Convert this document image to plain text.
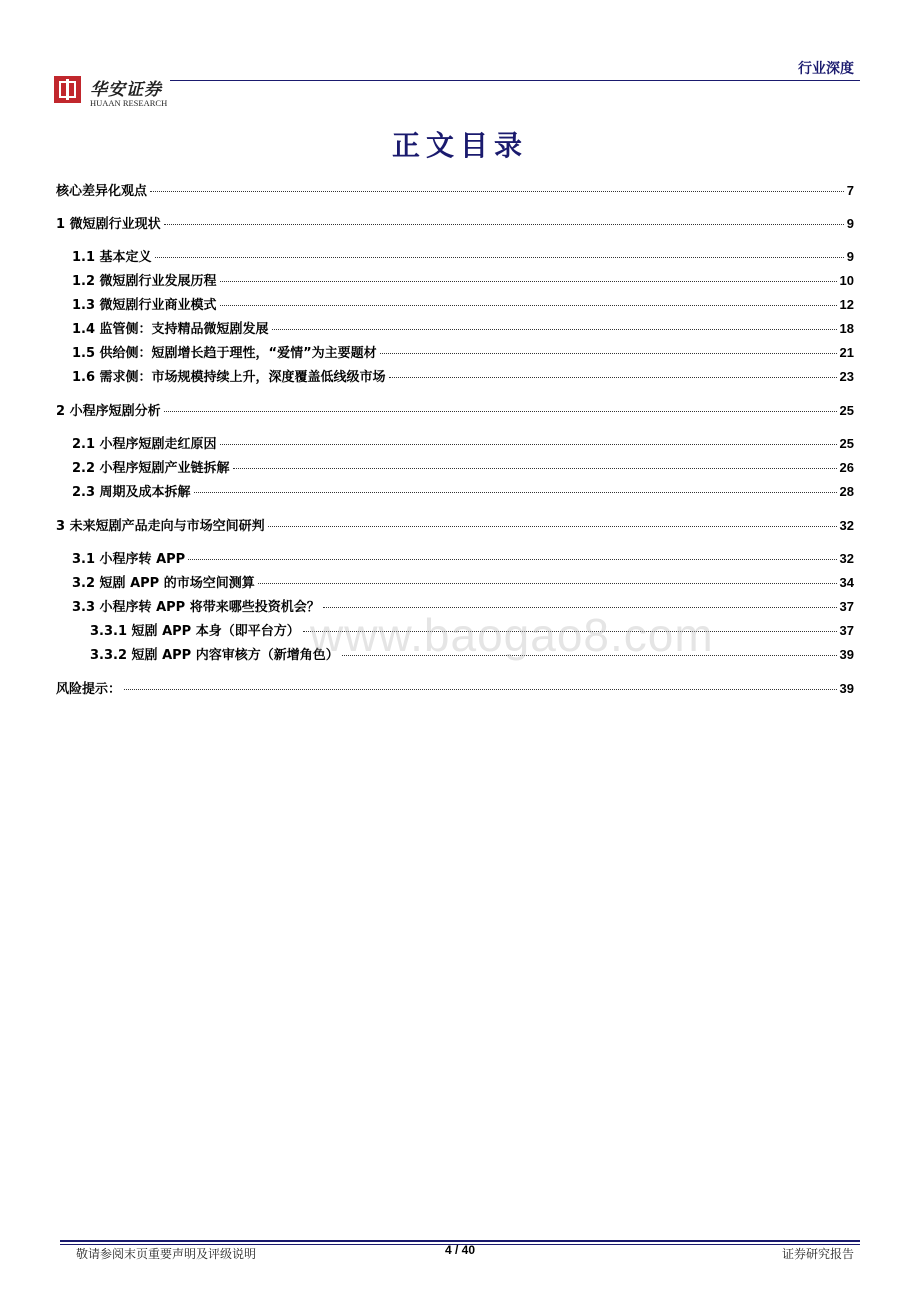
行业深度
华安证券
HUAAN RESEARCH
正文目录
核心差异化观点	7
1 微短剧行业现状	9
1.1 基本定义	9
1.2 微短剧行业发展历程	10
1.3 微短剧行业商业模式	12
1.4 监管侧：支持精品微短剧发展	18
1.5 供给侧：短剧增长趋于理性，“爱情”为主要题材	21
1.6 需求侧：市场规模持续上升，深度覆盖低线级市场	23
2 小程序短剧分析	25
2.1 小程序短剧走红原因	25
2.2 小程序短剧产业链拆解	26
2.3 周期及成本拆解	28
3 未来短剧产品走向与市场空间研判	32
3.1 小程序转 APP	32
3.2 短剧 APP 的市场空间测算	34
3.3 小程序转 APP 将带来哪些投资机会？	37
3.3.1 短剧 APP 本身（即平台方）	37
3.3.2 短剧 APP 内容审核方（新增角色）	39
风险提示：	39
www.baogao8.com
敬请参阅末页重要声明及评级说明	4 / 40	证券研究报告
